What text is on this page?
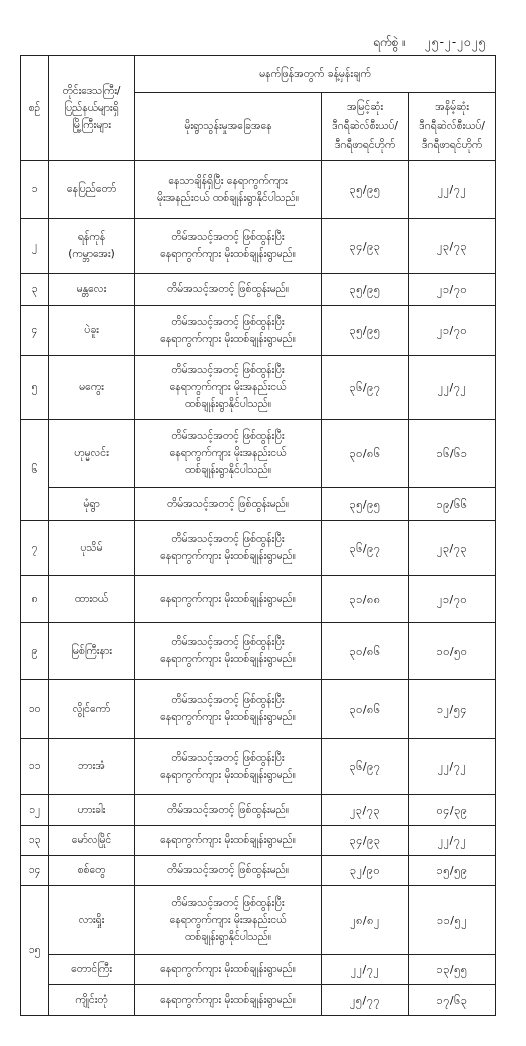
ရက်စွဲ ။ ၂၅-၂-၂၀၂၅
စဉ်	တိုင်းဒေသကြီး/
ပြည်နယ်များရှိ
မြို့ကြီးများ	မနက်ဖြန်အတွက် ခန့်မှန်းချက်		
		မိုးရွာသွန်းမှုအခြေအနေ	အမြင့်ဆုံး
ဒီဂရီဆဲလ်စီးယပ်/
ဒီဂရီဖာရင်ဟိုက်	အနိမ့်ဆုံး
ဒီဂရီဆဲလ်စီးယပ်/
ဒီဂရီဖာရင်ဟိုက်

၁	နေပြည်တော်	နေသာချိန်ရှိပြီး နေရာကွက်ကျား
မိုးအနည်းငယ် ထစ်ချုန်းရွာနိုင်ပါသည်။	၃၅/၉၅	၂၂/၇၂
၂	ရန်ကုန်
(ကမ္ဘာအေး)	တိမ်အသင့်အတင့် ဖြစ်ထွန်းပြီး
နေရာကွက်ကျား မိုးထစ်ချုန်းရွာမည်။	၃၄/၉၃	၂၃/၇၃
၃	မန္တလေး	တိမ်အသင့်အတင့် ဖြစ်ထွန်းမည်။	၃၅/၉၅	၂၁/၇၀
၄	ပဲခူး	တိမ်အသင့်အတင့် ဖြစ်ထွန်းပြီး
နေရာကွက်ကျား မိုးထစ်ချုန်းရွာမည်။	၃၅/၉၅	၂၁/၇၀
၅	မကွေး	တိမ်အသင့်အတင့် ဖြစ်ထွန်းပြီး
နေရာကွက်ကျား မိုးအနည်းငယ်
ထစ်ချုန်းရွာနိုင်ပါသည်။	၃၆/၉၇	၂၂/၇၂
၆	ဟုမ္မလင်း	တိမ်အသင့်အတင့် ဖြစ်ထွန်းပြီး
နေရာကွက်ကျား မိုးအနည်းငယ်
ထစ်ချုန်းရွာနိုင်ပါသည်။	၃၀/၈၆	၁၆/၆၁
	မုံရွာ	တိမ်အသင့်အတင့် ဖြစ်ထွန်းမည်။	၃၅/၉၅	၁၉/၆၆
၇	ပုသိမ်	တိမ်အသင့်အတင့် ဖြစ်ထွန်းပြီး
နေရာကွက်ကျား မိုးထစ်ချုန်းရွာမည်။	၃၆/၉၇	၂၃/၇၃
၈	ထားဝယ်	နေရာကွက်ကျား မိုးထစ်ချုန်းရွာမည်။	၃၁/၈၈	၂၁/၇၀
၉	မြစ်ကြီးနား	တိမ်အသင့်အတင့် ဖြစ်ထွန်းပြီး
နေရာကွက်ကျား မိုးထစ်ချုန်းရွာမည်။	၃၀/၈၆	၁၀/၅၀
၁၀	လွိုင်ကော်	တိမ်အသင့်အတင့် ဖြစ်ထွန်းပြီး
နေရာကွက်ကျား မိုးထစ်ချုန်းရွာမည်။	၃၀/၈၆	၁၂/၅၄
၁၁	ဘားအံ	တိမ်အသင့်အတင့် ဖြစ်ထွန်းပြီး
နေရာကွက်ကျား မိုးထစ်ချုန်းရွာမည်။	၃၆/၉၇	၂၂/၇၂
၁၂	ဟားခါး	တိမ်အသင့်အတင့် ဖြစ်ထွန်းမည်။	၂၃/၇၃	၀၄/၃၉
၁၃	မော်လမြိုင်	နေရာကွက်ကျား မိုးထစ်ချုန်းရွာမည်။	၃၄/၉၃	၂၂/၇၂
၁၄	စစ်တွေ	တိမ်အသင့်အတင့် ဖြစ်ထွန်းမည်။	၃၂/၉၀	၁၅/၅၉
၁၅	လားရှိုး	တိမ်အသင့်အတင့် ဖြစ်ထွန်းပြီး
နေရာကွက်ကျား မိုးအနည်းငယ်
ထစ်ချုန်းရွာနိုင်ပါသည်။	၂၈/၈၂	၁၁/၅၂
	တောင်ကြီး	နေရာကွက်ကျား မိုးထစ်ချုန်းရွာမည်။	၂၂/၇၂	၁၃/၅၅
	ကျိုင်းတုံ	နေရာကွက်ကျား မိုးထစ်ချုန်းရွာမည်။	၂၅/၇၇	၁၇/၆၃
